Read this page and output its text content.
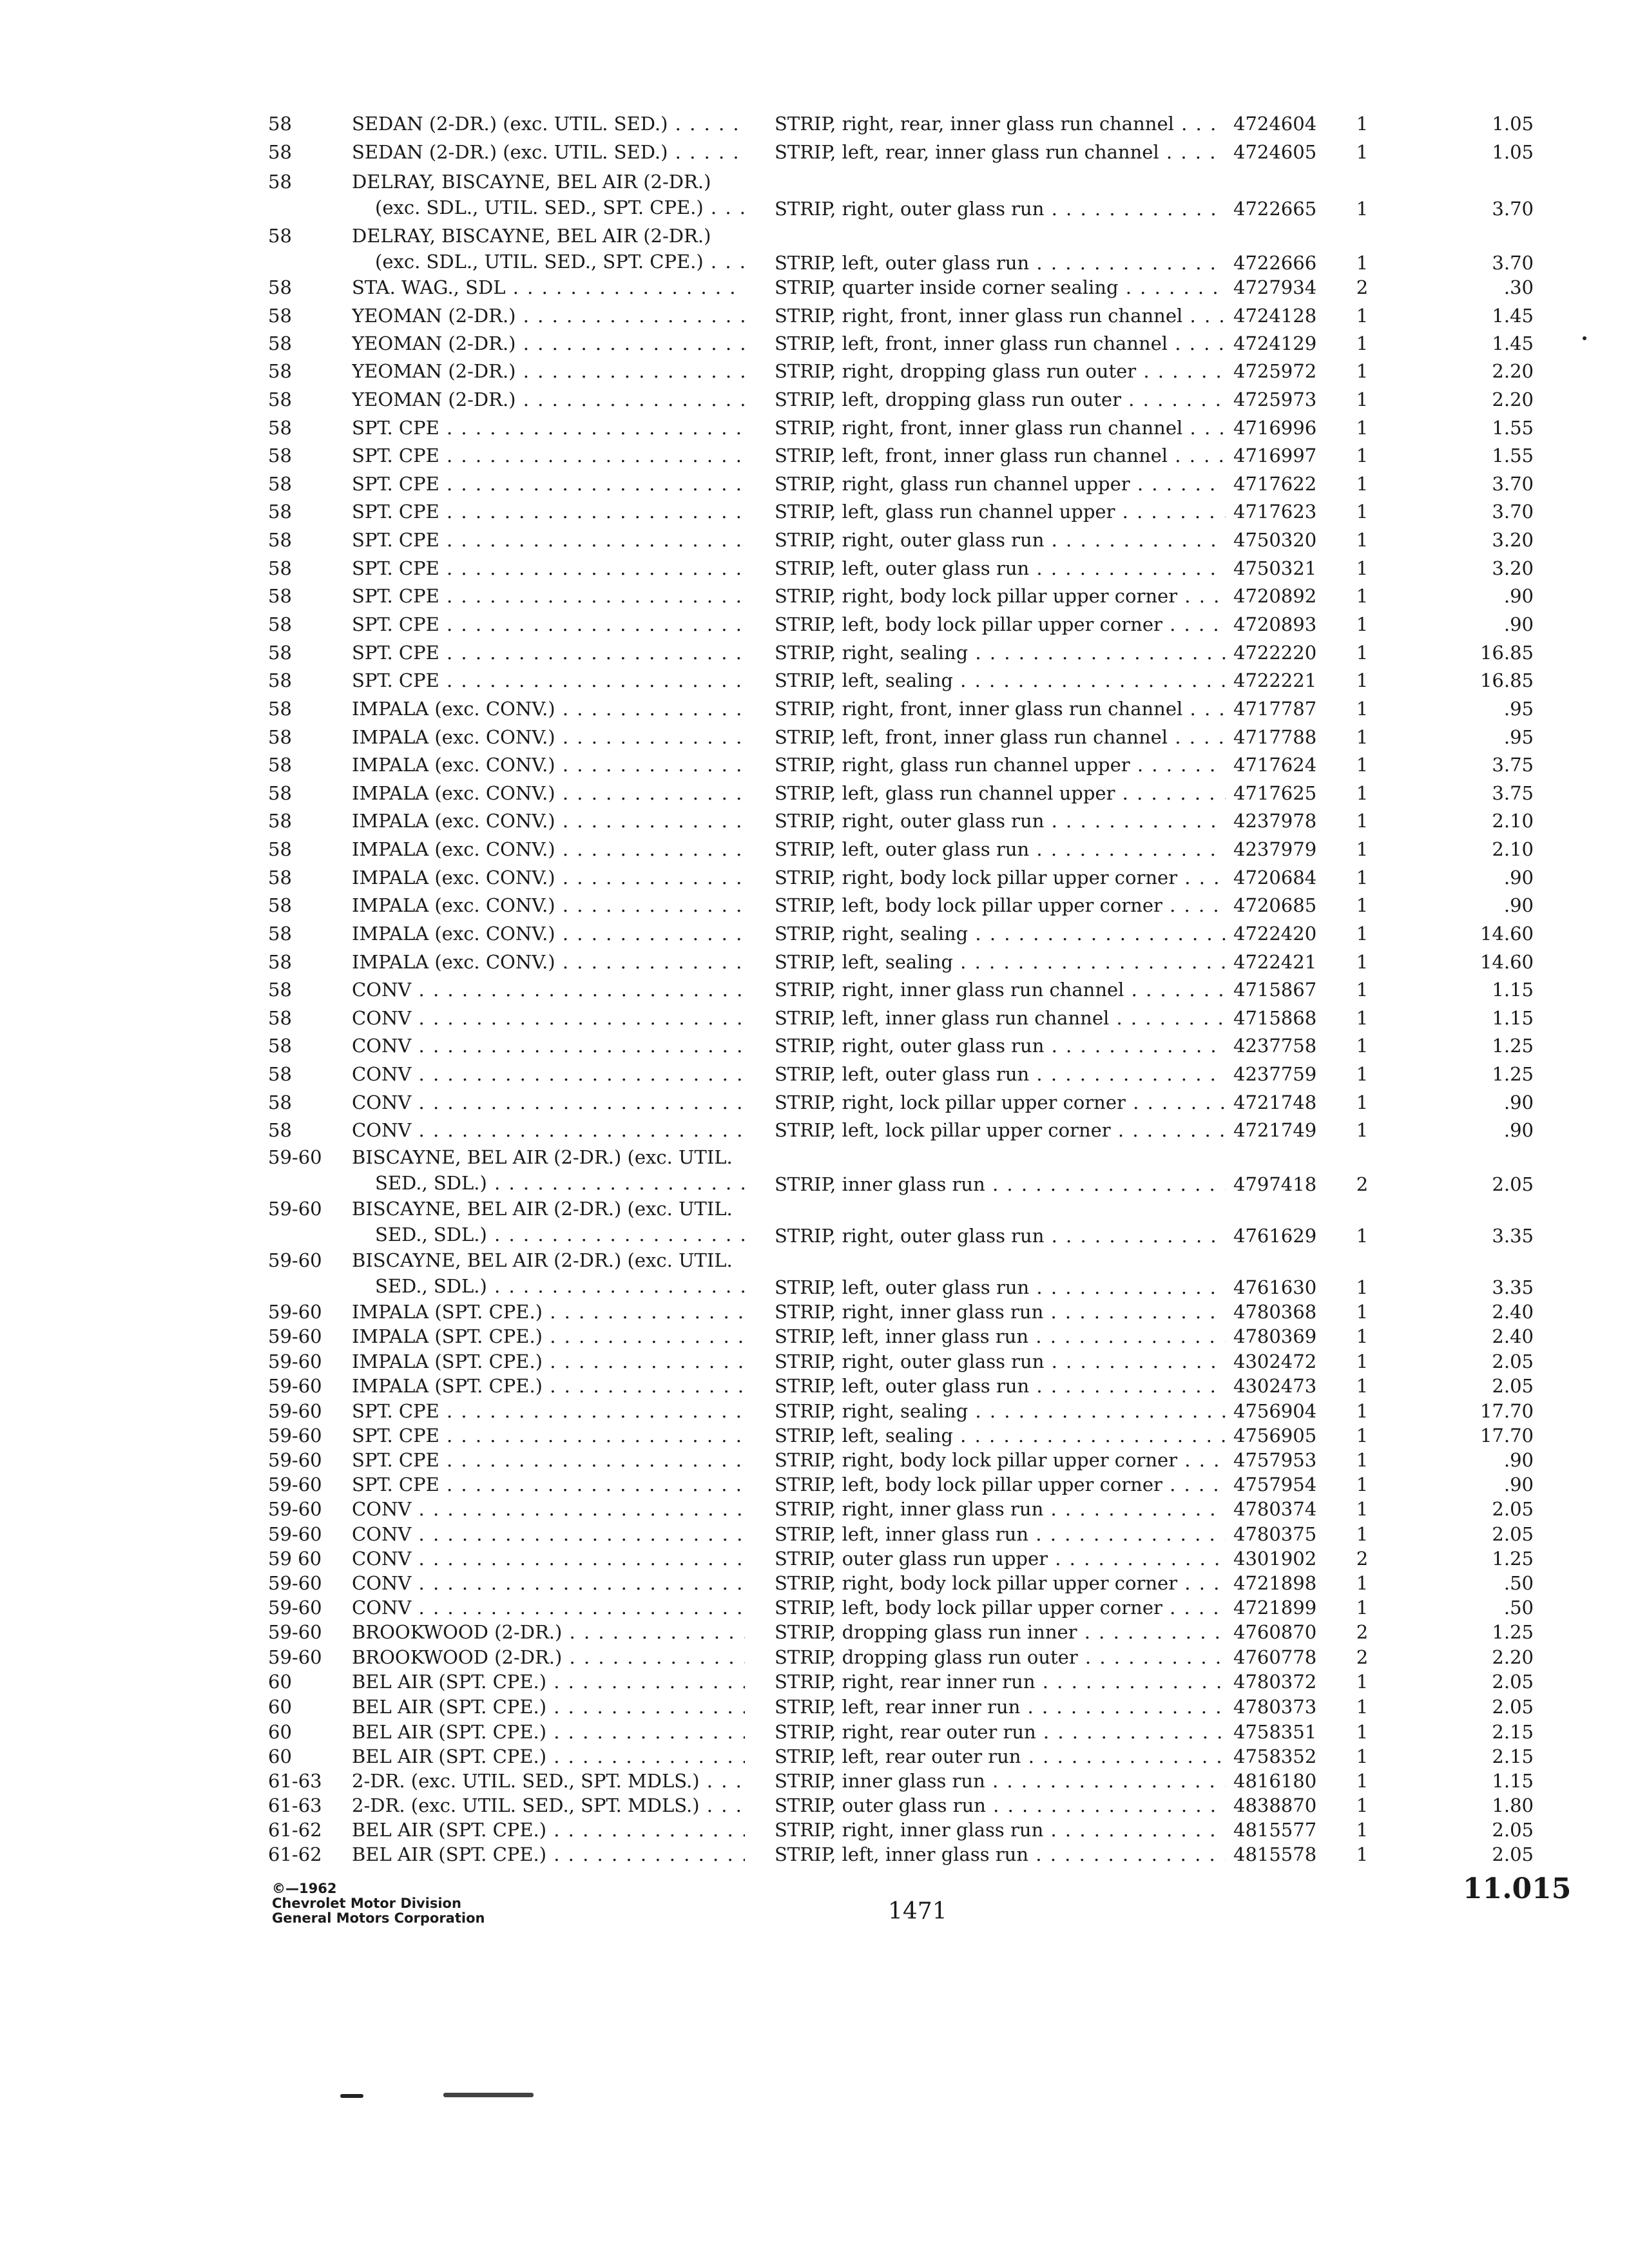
58	SEDAN (2-DR.) (exc. UTIL. SED.) . . .	STRIP, right, rear, inner glass run channel . . .	4724604	1	1.05
58	SEDAN (2-DR.) (exc. UTIL. SED.) . . .	STRIP, left, rear, inner glass run channel . . .	4724605	1	1.05
58	DELRAY, BISCAYNE, BEL AIR (2-DR.)
(exc. SDL., UTIL. SED., SPT. CPE.) . . .	STRIP, right, outer glass run . . .	4722665	1	3.70
58	DELRAY, BISCAYNE, BEL AIR (2-DR.)
(exc. SDL., UTIL. SED., SPT. CPE.) . . .	STRIP, left, outer glass run . . .	4722666	1	3.70
58	STA. WAG., SDL . . .	STRIP, quarter inside corner sealing . . .	4727934	2	.30
58	YEOMAN (2-DR.) . . .	STRIP, right, front, inner glass run channel . . .	4724128	1	1.45
58	YEOMAN (2-DR.) . . .	STRIP, left, front, inner glass run channel . . .	4724129	1	1.45
58	YEOMAN (2-DR.) . . .	STRIP, right, dropping glass run outer . . .	4725972	1	2.20
58	YEOMAN (2-DR.) . . .	STRIP, left, dropping glass run outer . . .	4725973	1	2.20
58	SPT. CPE . . .	STRIP, right, front, inner glass run channel . . .	4716996	1	1.55
58	SPT. CPE . . .	STRIP, left, front, inner glass run channel . . .	4716997	1	1.55
58	SPT. CPE . . .	STRIP, right, glass run channel upper . . .	4717622	1	3.70
58	SPT. CPE . . .	STRIP, left, glass run channel upper . . .	4717623	1	3.70
58	SPT. CPE . . .	STRIP, right, outer glass run . . .	4750320	1	3.20
58	SPT. CPE . . .	STRIP, left, outer glass run . . .	4750321	1	3.20
58	SPT. CPE . . .	STRIP, right, body lock pillar upper corner . . .	4720892	1	.90
58	SPT. CPE . . .	STRIP, left, body lock pillar upper corner . . .	4720893	1	.90
58	SPT. CPE . . .	STRIP, right, sealing . . .	4722220	1	16.85
58	SPT. CPE . . .	STRIP, left, sealing . . .	4722221	1	16.85
58	IMPALA (exc. CONV.) . . .	STRIP, right, front, inner glass run channel . . .	4717787	1	.95
58	IMPALA (exc. CONV.) . . .	STRIP, left, front, inner glass run channel . . .	4717788	1	.95
58	IMPALA (exc. CONV.) . . .	STRIP, right, glass run channel upper . . .	4717624	1	3.75
58	IMPALA (exc. CONV.) . . .	STRIP, left, glass run channel upper . . .	4717625	1	3.75
58	IMPALA (exc. CONV.) . . .	STRIP, right, outer glass run . . .	4237978	1	2.10
58	IMPALA (exc. CONV.) . . .	STRIP, left, outer glass run . . .	4237979	1	2.10
58	IMPALA (exc. CONV.) . . .	STRIP, right, body lock pillar upper corner . . .	4720684	1	.90
58	IMPALA (exc. CONV.) . . .	STRIP, left, body lock pillar upper corner . . .	4720685	1	.90
58	IMPALA (exc. CONV.) . . .	STRIP, right, sealing . . .	4722420	1	14.60
58	IMPALA (exc. CONV.) . . .	STRIP, left, sealing . . .	4722421	1	14.60
58	CONV . . .	STRIP, right, inner glass run channel . . .	4715867	1	1.15
58	CONV . . .	STRIP, left, inner glass run channel . . .	4715868	1	1.15
58	CONV . . .	STRIP, right, outer glass run . . .	4237758	1	1.25
58	CONV . . .	STRIP, left, outer glass run . . .	4237759	1	1.25
58	CONV . . .	STRIP, right, lock pillar upper corner . . .	4721748	1	.90
58	CONV . . .	STRIP, left, lock pillar upper corner . . .	4721749	1	.90
59-60	BISCAYNE, BEL AIR (2-DR.) (exc. UTIL.
SED., SDL.) . . .	STRIP, inner glass run . . .	4797418	2	2.05
59-60	BISCAYNE, BEL AIR (2-DR.) (exc. UTIL.
SED., SDL.) . . .	STRIP, right, outer glass run . . .	4761629	1	3.35
59-60	BISCAYNE, BEL AIR (2-DR.) (exc. UTIL.
SED., SDL.) . . .	STRIP, left, outer glass run . . .	4761630	1	3.35
59-60	IMPALA (SPT. CPE.) . . .	STRIP, right, inner glass run . . .	4780368	1	2.40
59-60	IMPALA (SPT. CPE.) . . .	STRIP, left, inner glass run . . .	4780369	1	2.40
59-60	IMPALA (SPT. CPE.) . . .	STRIP, right, outer glass run . . .	4302472	1	2.05
59-60	IMPALA (SPT. CPE.) . . .	STRIP, left, outer glass run . . .	4302473	1	2.05
59-60	SPT. CPE . . .	STRIP, right, sealing . . .	4756904	1	17.70
59-60	SPT. CPE . . .	STRIP, left, sealing . . .	4756905	1	17.70
59-60	SPT. CPE . . .	STRIP, right, body lock pillar upper corner . . .	4757953	1	.90
59-60	SPT. CPE . . .	STRIP, left, body lock pillar upper corner . . .	4757954	1	.90
59-60	CONV . . .	STRIP, right, inner glass run . . .	4780374	1	2.05
59-60	CONV . . .	STRIP, left, inner glass run . . .	4780375	1	2.05
59 60	CONV . . .	STRIP, outer glass run upper . . .	4301902	2	1.25
59-60	CONV . . .	STRIP, right, body lock pillar upper corner . . .	4721898	1	.50
59-60	CONV . . .	STRIP, left, body lock pillar upper corner . . .	4721899	1	.50
59-60	BROOKWOOD (2-DR.) . . .	STRIP, dropping glass run inner . . .	4760870	2	1.25
59-60	BROOKWOOD (2-DR.) . . .	STRIP, dropping glass run outer . . .	4760778	2	2.20
60	BEL AIR (SPT. CPE.) . . .	STRIP, right, rear inner run . . .	4780372	1	2.05
60	BEL AIR (SPT. CPE.) . . .	STRIP, left, rear inner run . . .	4780373	1	2.05
60	BEL AIR (SPT. CPE.) . . .	STRIP, right, rear outer run . . .	4758351	1	2.15
60	BEL AIR (SPT. CPE.) . . .	STRIP, left, rear outer run . . .	4758352	1	2.15
61-63	2-DR. (exc. UTIL. SED., SPT. MDLS.) . . .	STRIP, inner glass run . . .	4816180	1	1.15
61-63	2-DR. (exc. UTIL. SED., SPT. MDLS.) . . .	STRIP, outer glass run . . .	4838870	1	1.80
61-62	BEL AIR (SPT. CPE.) . . .	STRIP, right, inner glass run . . .	4815577	1	2.05
61-62	BEL AIR (SPT. CPE.) . . .	STRIP, left, inner glass run . . .	4815578	1	2.05
©—1962
Chevrolet Motor Division
General Motors Corporation	1471
11.015
